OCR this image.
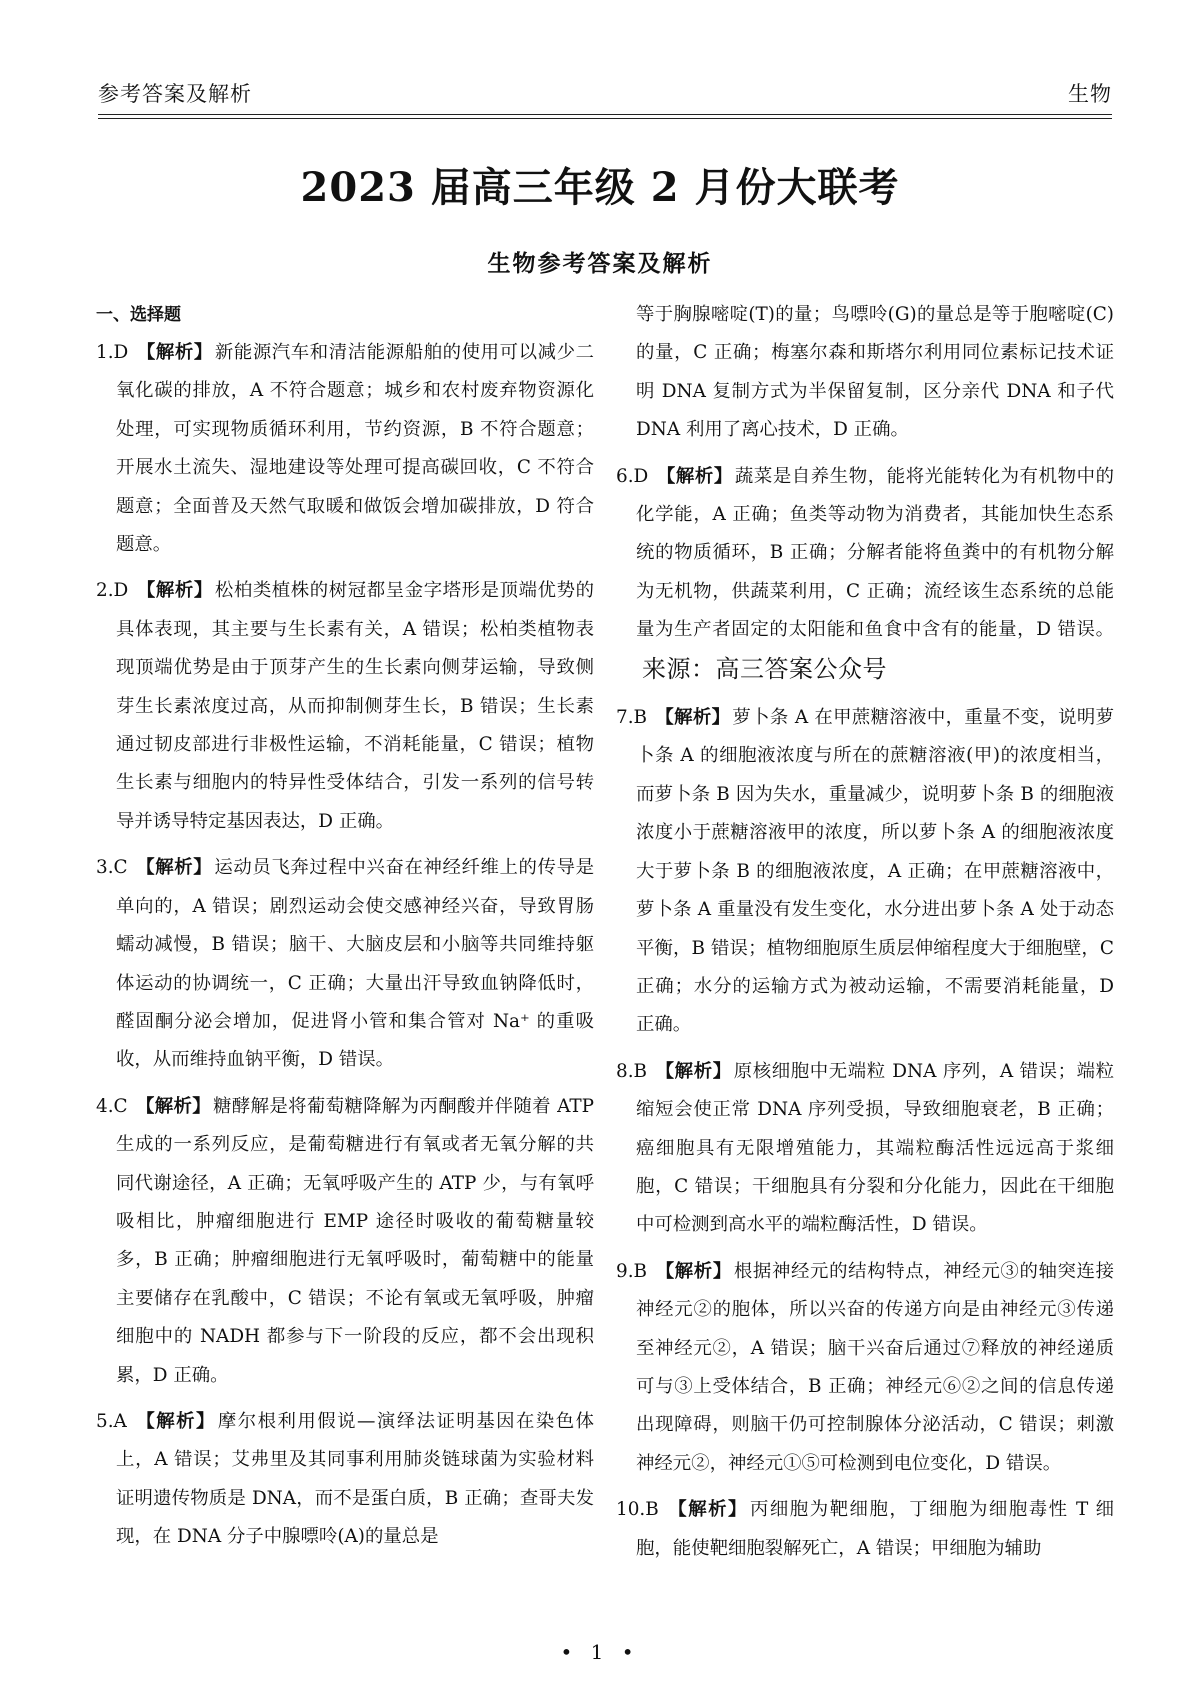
参考答案及解析	生物
2023 届高三年级 2 月份大联考
生物参考答案及解析
一、选择题
1.D 【解析】 新能源汽车和清洁能源船舶的使用可以减少二氧化碳的排放，A 不符合题意；城乡和农村废弃物资源化处理，可实现物质循环利用，节约资源，B 不符合题意；开展水土流失、湿地建设等处理可提高碳回收，C 不符合题意；全面普及天然气取暖和做饭会增加碳排放，D 符合题意。
2.D 【解析】 松柏类植株的树冠都呈金字塔形是顶端优势的具体表现，其主要与生长素有关，A 错误；松柏类植物表现顶端优势是由于顶芽产生的生长素向侧芽运输，导致侧芽生长素浓度过高，从而抑制侧芽生长，B 错误；生长素通过韧皮部进行非极性运输，不消耗能量，C 错误；植物生长素与细胞内的特异性受体结合，引发一系列的信号转导并诱导特定基因表达，D 正确。
3.C 【解析】 运动员飞奔过程中兴奋在神经纤维上的传导是单向的，A 错误；剧烈运动会使交感神经兴奋，导致胃肠蠕动减慢，B 错误；脑干、大脑皮层和小脑等共同维持躯体运动的协调统一，C 正确；大量出汗导致血钠降低时，醛固酮分泌会增加，促进肾小管和集合管对 Na⁺ 的重吸收，从而维持血钠平衡，D 错误。
4.C 【解析】 糖酵解是将葡萄糖降解为丙酮酸并伴随着 ATP 生成的一系列反应，是葡萄糖进行有氧或者无氧分解的共同代谢途径，A 正确；无氧呼吸产生的 ATP 少，与有氧呼吸相比，肿瘤细胞进行 EMP 途径时吸收的葡萄糖量较多，B 正确；肿瘤细胞进行无氧呼吸时，葡萄糖中的能量主要储存在乳酸中，C 错误；不论有氧或无氧呼吸，肿瘤细胞中的 NADH 都参与下一阶段的反应，都不会出现积累，D 正确。
5.A 【解析】 摩尔根利用假说—演绎法证明基因在染色体上，A 错误；艾弗里及其同事利用肺炎链球菌为实验材料证明遗传物质是 DNA，而不是蛋白质，B 正确；查哥夫发现，在 DNA 分子中腺嘌呤(A)的量总是
等于胸腺嘧啶(T)的量；鸟嘌呤(G)的量总是等于胞嘧啶(C)的量，C 正确；梅塞尔森和斯塔尔利用同位素标记技术证明 DNA 复制方式为半保留复制，区分亲代 DNA 和子代 DNA 利用了离心技术，D 正确。
6.D 【解析】 蔬菜是自养生物，能将光能转化为有机物中的化学能，A 正确；鱼类等动物为消费者，其能加快生态系统的物质循环，B 正确；分解者能将鱼粪中的有机物分解为无机物，供蔬菜利用，C 正确；流经该生态系统的总能量为生产者固定的太阳能和鱼食中含有的能量，D 错误。来源：高三答案公众号
7.B 【解析】 萝卜条 A 在甲蔗糖溶液中，重量不变，说明萝卜条 A 的细胞液浓度与所在的蔗糖溶液(甲)的浓度相当，而萝卜条 B 因为失水，重量减少，说明萝卜条 B 的细胞液浓度小于蔗糖溶液甲的浓度，所以萝卜条 A 的细胞液浓度大于萝卜条 B 的细胞液浓度，A 正确；在甲蔗糖溶液中，萝卜条 A 重量没有发生变化，水分进出萝卜条 A 处于动态平衡，B 错误；植物细胞原生质层伸缩程度大于细胞壁，C 正确；水分的运输方式为被动运输，不需要消耗能量，D 正确。
8.B 【解析】 原核细胞中无端粒 DNA 序列，A 错误；端粒缩短会使正常 DNA 序列受损，导致细胞衰老，B 正确；癌细胞具有无限增殖能力，其端粒酶活性远远高于浆细胞，C 错误；干细胞具有分裂和分化能力，因此在干细胞中可检测到高水平的端粒酶活性，D 错误。
9.B 【解析】 根据神经元的结构特点，神经元③的轴突连接神经元②的胞体，所以兴奋的传递方向是由神经元③传递至神经元②，A 错误；脑干兴奋后通过⑦释放的神经递质可与③上受体结合，B 正确；神经元⑥②之间的信息传递出现障碍，则脑干仍可控制腺体分泌活动，C 错误；刺激神经元②，神经元①⑤可检测到电位变化，D 错误。
10.B 【解析】 丙细胞为靶细胞，丁细胞为细胞毒性 T 细胞，能使靶细胞裂解死亡，A 错误；甲细胞为辅助
• 1 •
